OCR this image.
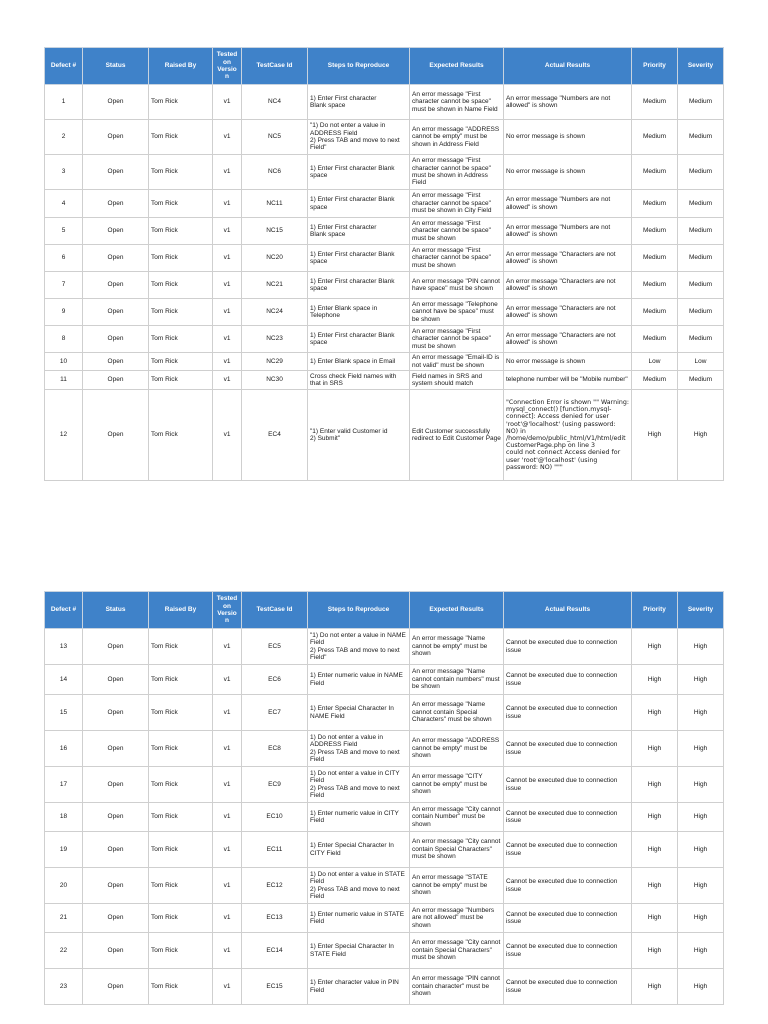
Defect #	Status	Raised By	Tested
on
Versio
n	TestCase Id	Steps to Reproduce	Expected Results	Actual Results	Priority	Severity
1	Open	Tom Rick	v1	NC4	1) Enter First character
Blank space	An error message "First character cannot be space" must be shown in Name Field	An error message "Numbers are not allowed" is shown	Medium	Medium
2	Open	Tom Rick	v1	NC5	"1) Do not enter a value in ADDRESS Field
2) Press TAB and move to next Field"	An error message "ADDRESS cannot be empty" must be shown in Address Field	No error message is shown	Medium	Medium
3	Open	Tom Rick	v1	NC6	1) Enter First character Blank space	An error message "First character cannot be space" must be shown in Address Field	No error message is shown	Medium	Medium
4	Open	Tom Rick	v1	NC11	1) Enter First character Blank space	An error message "First character cannot be space" must be shown in City Field	An error message "Numbers are not allowed" is shown	Medium	Medium
5	Open	Tom Rick	v1	NC15	1) Enter First character
Blank space	An error message "First character cannot be space" must be shown	An error message "Numbers are not allowed" is shown	Medium	Medium
6	Open	Tom Rick	v1	NC20	1) Enter First character Blank space	An error message "First character cannot be space" must be shown	An error message "Characters are not allowed" is shown	Medium	Medium
7	Open	Tom Rick	v1	NC21	1) Enter First character Blank space	An error message "PIN cannot have space" must be shown	An error message "Characters are not allowed" is shown	Medium	Medium
9	Open	Tom Rick	v1	NC24	1) Enter Blank space in Telephone	An error message "Telephone cannot have be space" must be shown	An error message "Characters are not allowed" is shown	Medium	Medium
8	Open	Tom Rick	v1	NC23	1) Enter First character Blank space	An error message "First character cannot be space" must be shown	An error message "Characters are not allowed" is shown	Medium	Medium
10	Open	Tom Rick	v1	NC29	1) Enter Blank space in Email	An error message "Email-ID is not valid" must be shown	No error message is shown	Low	Low
11	Open	Tom Rick	v1	NC30	Cross check Field names with that in SRS	Field names in SRS and system should match	telephone number will be "Mobile number"	Medium	Medium
12	Open	Tom Rick	v1	EC4	"1) Enter valid Customer id
2) Submit"	Edit Customer successfully redirect to Edit Customer Page	"Connection Error is shown "" Warning: mysql_connect() [function.mysql-connect]: Access denied for user 'root'@'localhost' (using password: NO) in /home/demo/public_html/V1/html/editCustomerPage.php on line 3
could not connect Access denied for user 'root'@'localhost' (using password: NO) """	High	High
Defect #	Status	Raised By	Tested
on
Versio
n	TestCase Id	Steps to Reproduce	Expected Results	Actual Results	Priority	Severity
13	Open	Tom Rick	v1	EC5	"1) Do not enter a value in NAME Field
2) Press TAB and move to next Field"	An error message "Name cannot be empty" must be shown	Cannot be executed due to connection issue	High	High
14	Open	Tom Rick	v1	EC6	1) Enter numeric value in NAME Field	An error message "Name cannot contain numbers" must be shown	Cannot be executed due to connection issue	High	High
15	Open	Tom Rick	v1	EC7	1) Enter Special Character In NAME Field	An error message "Name cannot contain Special Characters" must be shown	Cannot be executed due to connection issue	High	High
16	Open	Tom Rick	v1	EC8	1) Do not enter a value in ADDRESS Field
2) Press TAB and move to next Field	An error message "ADDRESS cannot be empty" must be shown	Cannot be executed due to connection issue	High	High
17	Open	Tom Rick	v1	EC9	1) Do not enter a value in CITY Field
2) Press TAB and move to next Field	An error message "CITY cannot be empty" must be shown	Cannot be executed due to connection issue	High	High
18	Open	Tom Rick	v1	EC10	1) Enter numeric value in CITY Field	An error message "City cannot contain Number" must be shown	Cannot be executed due to connection issue	High	High
19	Open	Tom Rick	v1	EC11	1) Enter Special Character In CITY Field	An error message "City cannot contain Special Characters" must be shown	Cannot be executed due to connection issue	High	High
20	Open	Tom Rick	v1	EC12	1) Do not enter a value in STATE Field
2) Press TAB and move to next Field	An error message "STATE cannot be empty" must be shown	Cannot be executed due to connection issue	High	High
21	Open	Tom Rick	v1	EC13	1) Enter numeric value in STATE Field	An error message "Numbers are not allowed" must be shown	Cannot be executed due to connection issue	High	High
22	Open	Tom Rick	v1	EC14	1) Enter Special Character In STATE Field	An error message "City cannot contain Special Characters" must be shown	Cannot be executed due to connection issue	High	High
23	Open	Tom Rick	v1	EC15	1) Enter character value in PIN Field	An error message "PIN cannot contain character" must be shown	Cannot be executed due to connection issue	High	High
